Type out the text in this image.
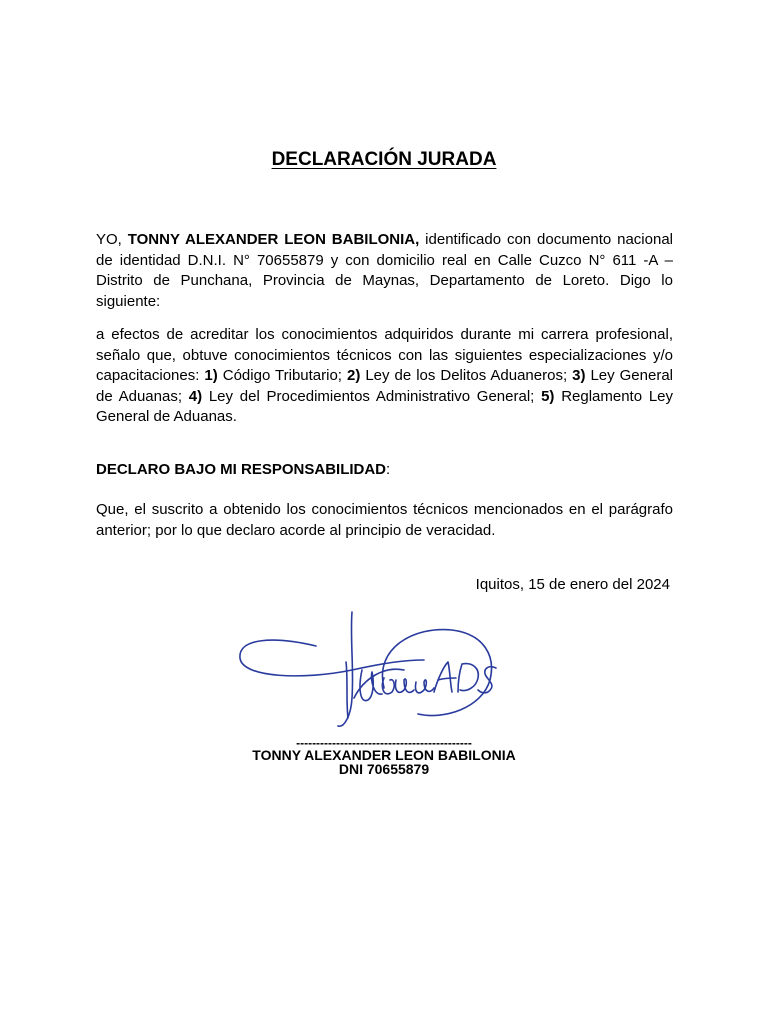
DECLARACIÓN JURADA
YO, TONNY ALEXANDER LEON BABILONIA, identificado con documento nacional de identidad D.N.I. N° 70655879 y con domicilio real en Calle Cuzco N° 611 -A – Distrito de Punchana, Provincia de Maynas, Departamento de Loreto. Digo lo siguiente:
a efectos de acreditar los conocimientos adquiridos durante mi carrera profesional, señalo que, obtuve conocimientos técnicos con las siguientes especializaciones y/o capacitaciones: 1) Código Tributario; 2) Ley de los Delitos Aduaneros; 3) Ley General de Aduanas; 4) Ley del Procedimientos Administrativo General; 5) Reglamento Ley General de Aduanas.
DECLARO BAJO MI RESPONSABILIDAD:
Que, el suscrito a obtenido los conocimientos técnicos mencionados en el parágrafo anterior; por lo que declaro acorde al principio de veracidad.
Iquitos, 15 de enero del 2024
--------------------------------------------
TONNY ALEXANDER LEON BABILONIA
DNI 70655879
